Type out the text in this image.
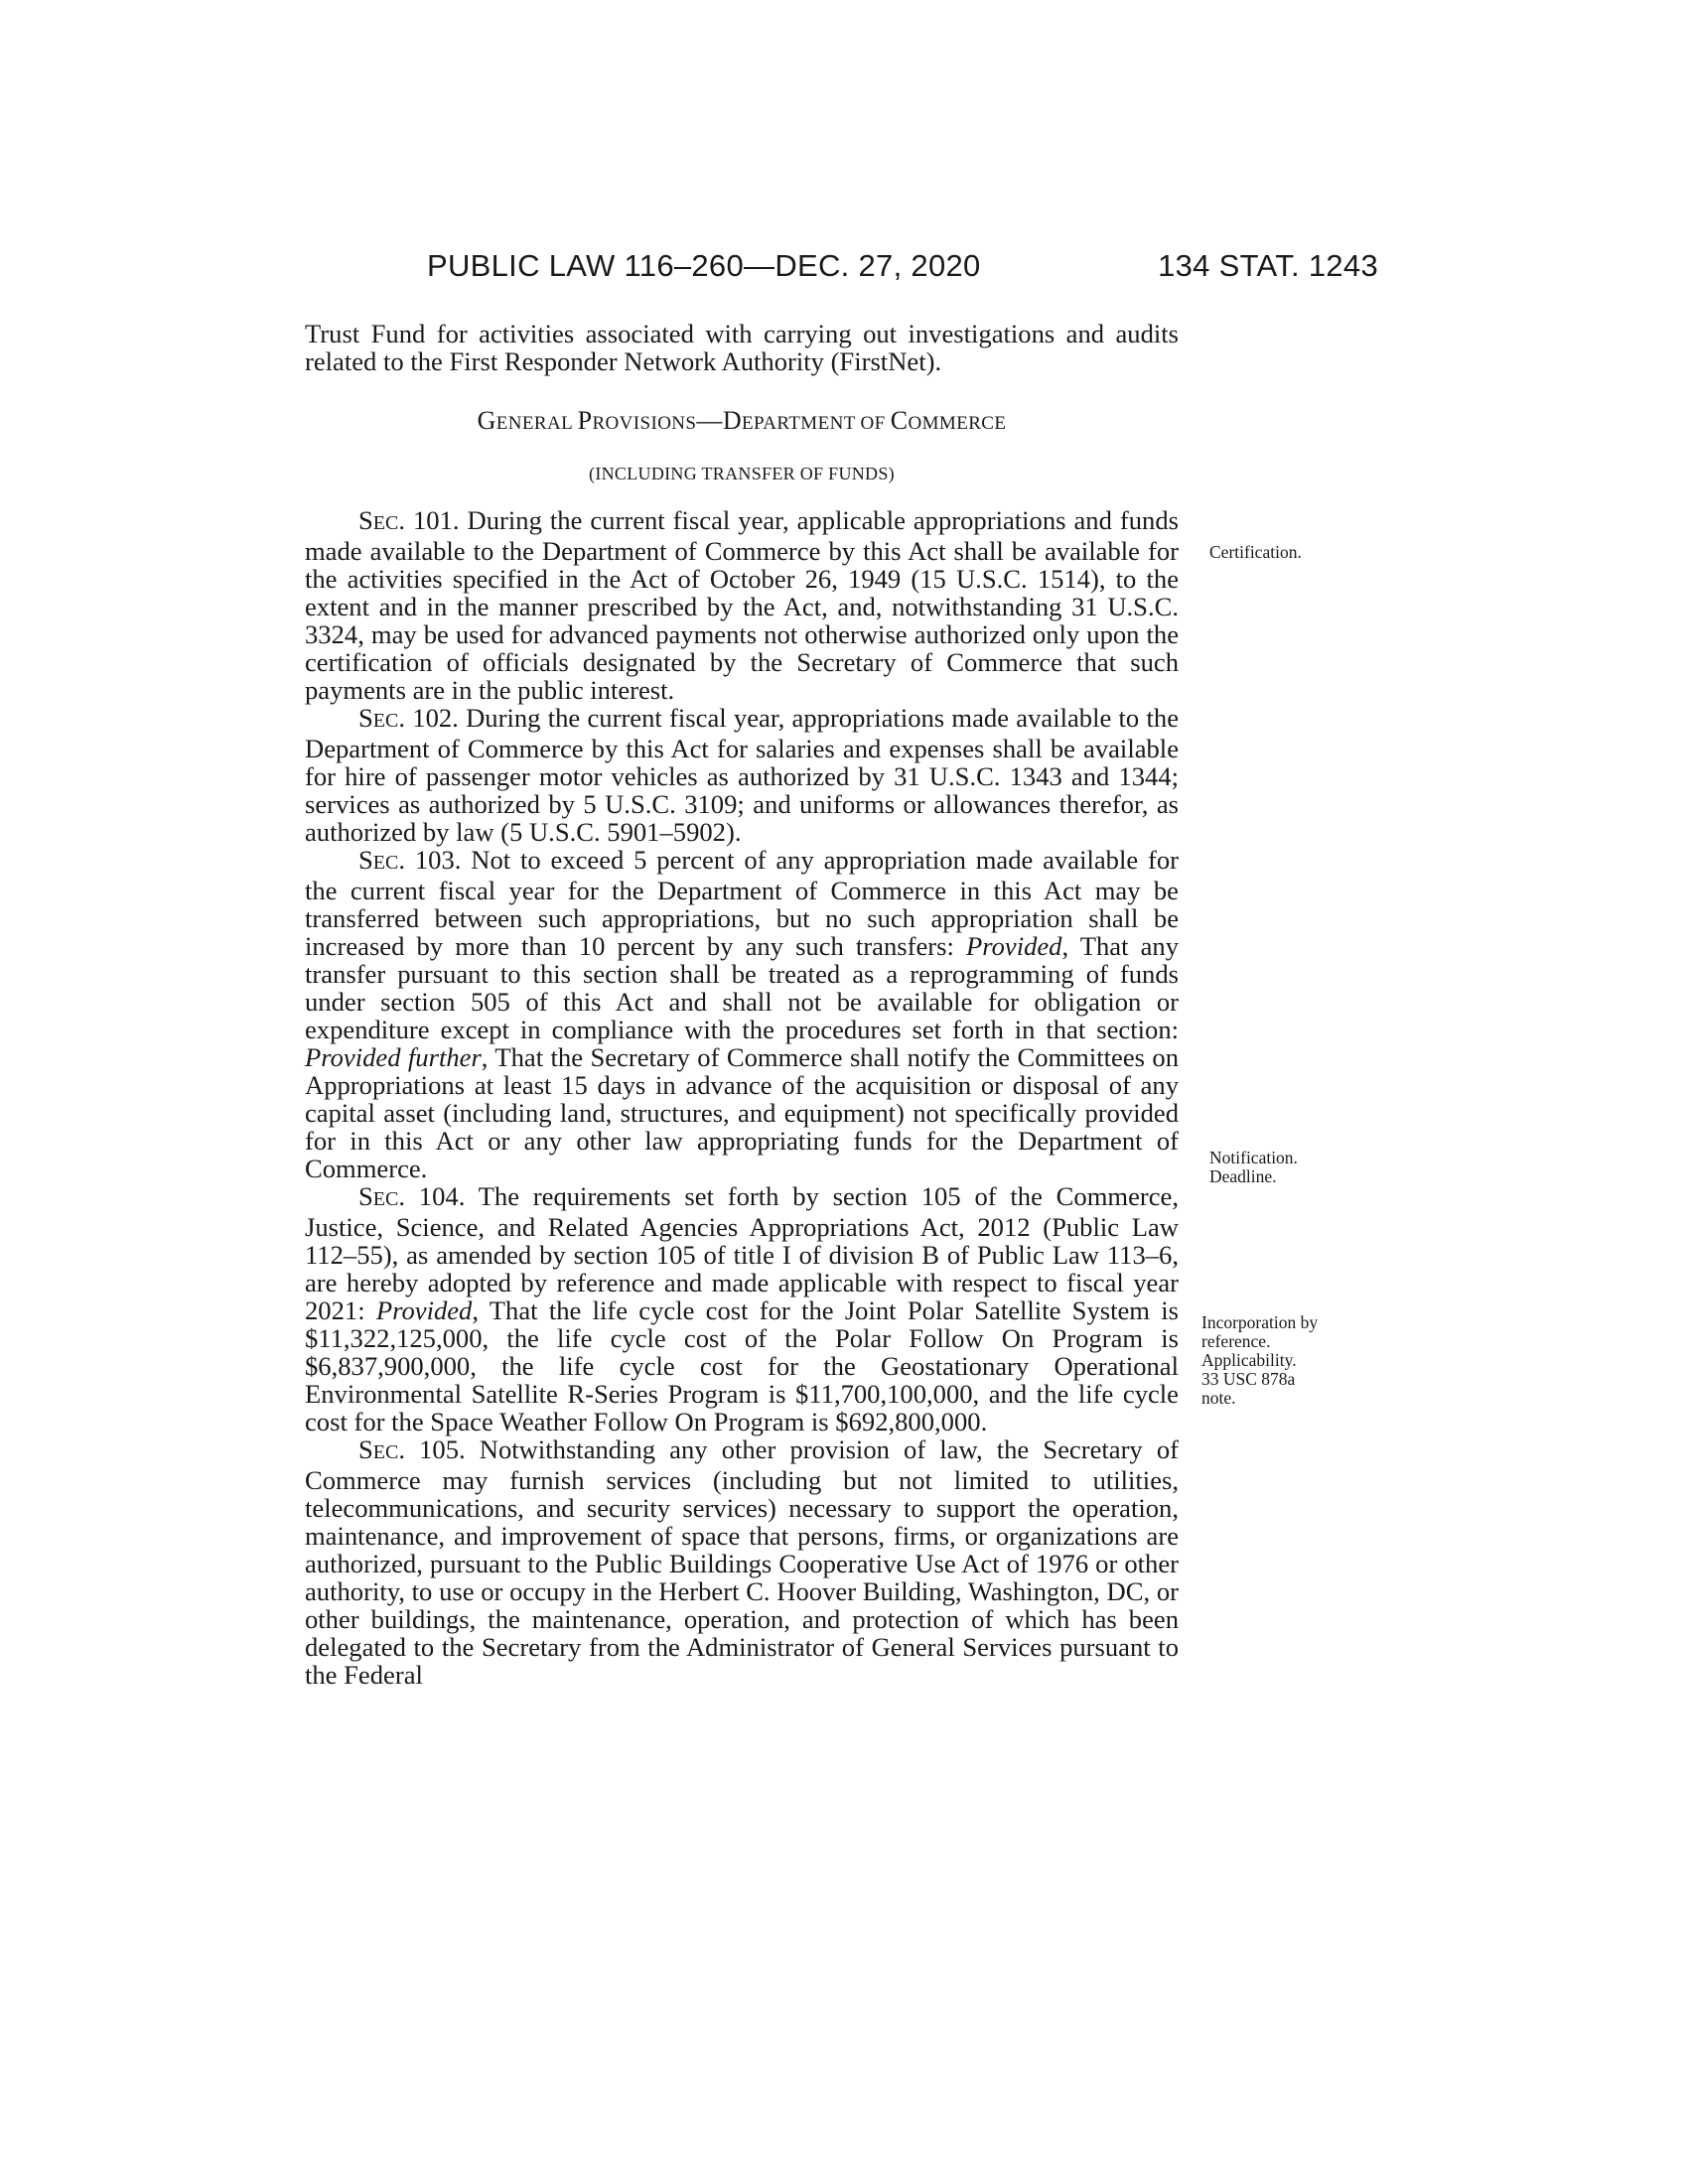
PUBLIC LAW 116–260—DEC. 27, 2020	134 STAT. 1243

Trust Fund for activities associated with carrying out investigations and audits related to the First Responder Network Authority (FirstNet).

GENERAL PROVISIONS—DEPARTMENT OF COMMERCE

(INCLUDING TRANSFER OF FUNDS)

SEC. 101. During the current fiscal year, applicable appropriations and funds made available to the Department of Commerce by this Act shall be available for the activities specified in the Act of October 26, 1949 (15 U.S.C. 1514), to the extent and in the manner prescribed by the Act, and, notwithstanding 31 U.S.C. 3324, may be used for advanced payments not otherwise authorized only upon the certification of officials designated by the Secretary of Commerce that such payments are in the public interest.

SEC. 102. During the current fiscal year, appropriations made available to the Department of Commerce by this Act for salaries and expenses shall be available for hire of passenger motor vehicles as authorized by 31 U.S.C. 1343 and 1344; services as authorized by 5 U.S.C. 3109; and uniforms or allowances therefor, as authorized by law (5 U.S.C. 5901–5902).

SEC. 103. Not to exceed 5 percent of any appropriation made available for the current fiscal year for the Department of Commerce in this Act may be transferred between such appropriations, but no such appropriation shall be increased by more than 10 percent by any such transfers: Provided, That any transfer pursuant to this section shall be treated as a reprogramming of funds under section 505 of this Act and shall not be available for obligation or expenditure except in compliance with the procedures set forth in that section: Provided further, That the Secretary of Commerce shall notify the Committees on Appropriations at least 15 days in advance of the acquisition or disposal of any capital asset (including land, structures, and equipment) not specifically provided for in this Act or any other law appropriating funds for the Department of Commerce.

SEC. 104. The requirements set forth by section 105 of the Commerce, Justice, Science, and Related Agencies Appropriations Act, 2012 (Public Law 112–55), as amended by section 105 of title I of division B of Public Law 113–6, are hereby adopted by reference and made applicable with respect to fiscal year 2021: Provided, That the life cycle cost for the Joint Polar Satellite System is $11,322,125,000, the life cycle cost of the Polar Follow On Program is $6,837,900,000, the life cycle cost for the Geostationary Operational Environmental Satellite R-Series Program is $11,700,100,000, and the life cycle cost for the Space Weather Follow On Program is $692,800,000.

SEC. 105. Notwithstanding any other provision of law, the Secretary of Commerce may furnish services (including but not limited to utilities, telecommunications, and security services) necessary to support the operation, maintenance, and improvement of space that persons, firms, or organizations are authorized, pursuant to the Public Buildings Cooperative Use Act of 1976 or other authority, to use or occupy in the Herbert C. Hoover Building, Washington, DC, or other buildings, the maintenance, operation, and protection of which has been delegated to the Secretary from the Administrator of General Services pursuant to the Federal

Certification.
Notification.
Deadline.
Incorporation by
reference.
Applicability.
33 USC 878a
note.
